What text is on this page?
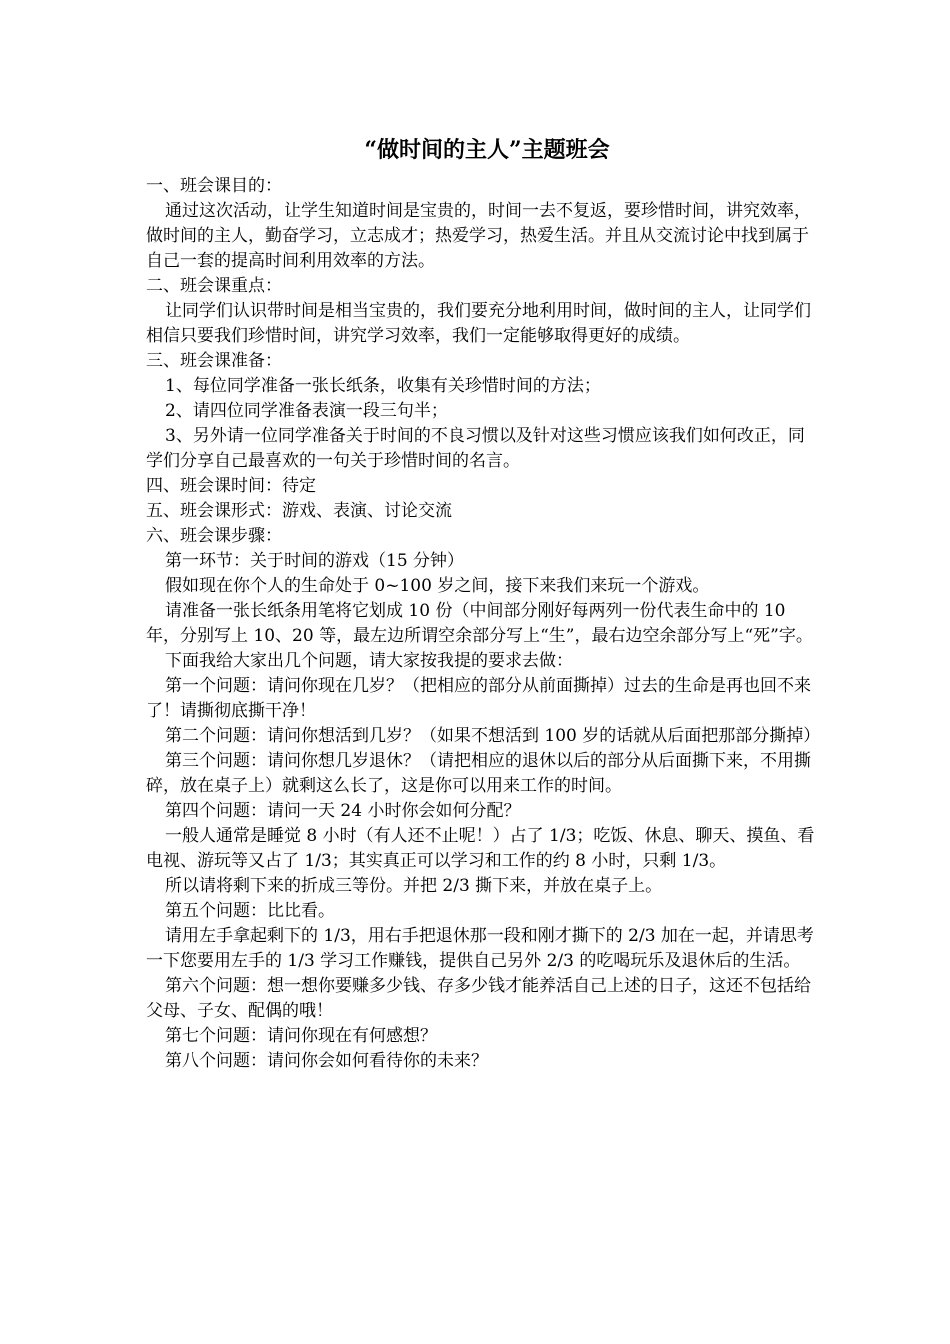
“做时间的主人”主题班会

一、班会课目的：

通过这次活动，让学生知道时间是宝贵的，时间一去不复返，要珍惜时间，讲究效率，做时间的主人，勤奋学习，立志成才；热爱学习，热爱生活。并且从交流讨论中找到属于自己一套的提高时间利用效率的方法。

二、班会课重点：

让同学们认识带时间是相当宝贵的，我们要充分地利用时间，做时间的主人，让同学们相信只要我们珍惜时间，讲究学习效率，我们一定能够取得更好的成绩。

三、班会课准备：

1、每位同学准备一张长纸条，收集有关珍惜时间的方法；

2、请四位同学准备表演一段三句半；

3、另外请一位同学准备关于时间的不良习惯以及针对这些习惯应该我们如何改正，同学们分享自己最喜欢的一句关于珍惜时间的名言。

四、班会课时间：待定

五、班会课形式：游戏、表演、讨论交流

六、班会课步骤：

第一环节：关于时间的游戏（15 分钟）

假如现在你个人的生命处于 0~100 岁之间，接下来我们来玩一个游戏。

请准备一张长纸条用笔将它划成 10 份（中间部分刚好每两列一份代表生命中的 10 年，分别写上 10、20 等，最左边所谓空余部分写上“生”，最右边空余部分写上“死”字。

下面我给大家出几个问题，请大家按我提的要求去做：

第一个问题：请问你现在几岁？（把相应的部分从前面撕掉）过去的生命是再也回不来了！请撕彻底撕干净！

第二个问题：请问你想活到几岁？（如果不想活到 100 岁的话就从后面把那部分撕掉）

第三个问题：请问你想几岁退休？（请把相应的退休以后的部分从后面撕下来，不用撕碎，放在桌子上）就剩这么长了，这是你可以用来工作的时间。

第四个问题：请问一天 24 小时你会如何分配？

一般人通常是睡觉 8 小时（有人还不止呢！）占了 1/3；吃饭、休息、聊天、摸鱼、看电视、游玩等又占了 1/3；其实真正可以学习和工作的约 8 小时，只剩 1/3。

所以请将剩下来的折成三等份。并把 2/3 撕下来，并放在桌子上。

第五个问题：比比看。

请用左手拿起剩下的 1/3，用右手把退休那一段和刚才撕下的 2/3 加在一起，并请思考一下您要用左手的 1/3 学习工作赚钱，提供自己另外 2/3 的吃喝玩乐及退休后的生活。

第六个问题：想一想你要赚多少钱、存多少钱才能养活自己上述的日子，这还不包括给父母、子女、配偶的哦！

第七个问题：请问你现在有何感想？

第八个问题：请问你会如何看待你的未来？
